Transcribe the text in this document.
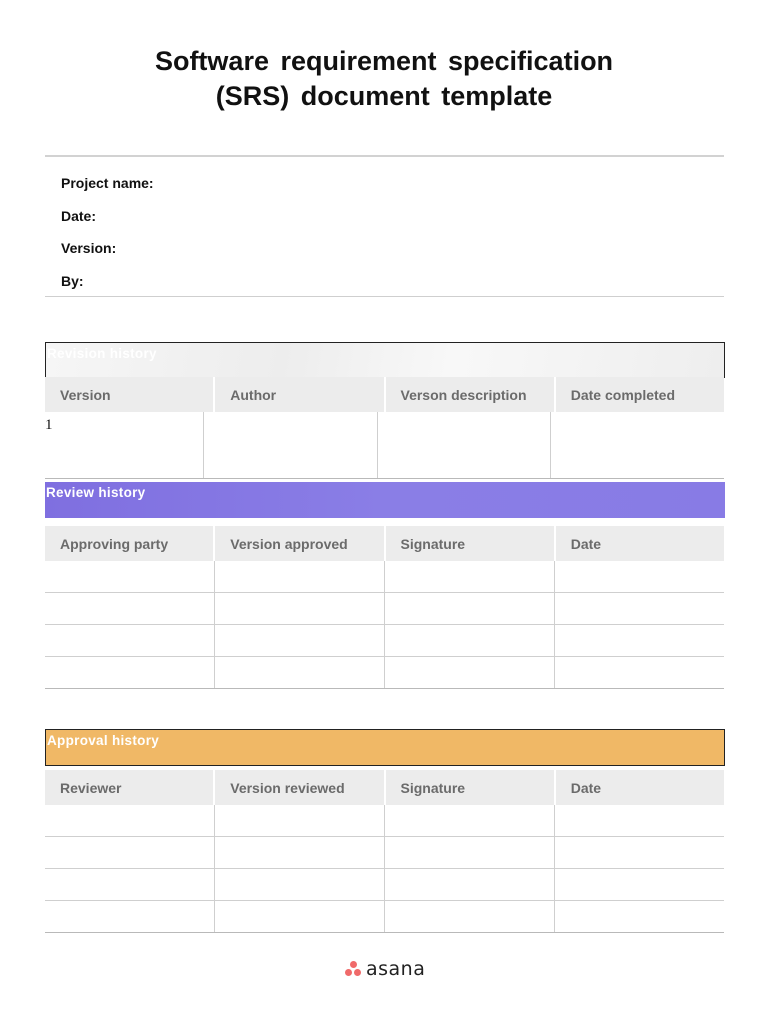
Software requirement specification
(SRS) document template
Project name:
Date:
Version:
By:
Revision history
Version	Author	Verson description	Date completed
1
Review history
Approving party	Version approved	Signature	Date
Approval history
Reviewer	Version reviewed	Signature	Date
asana
